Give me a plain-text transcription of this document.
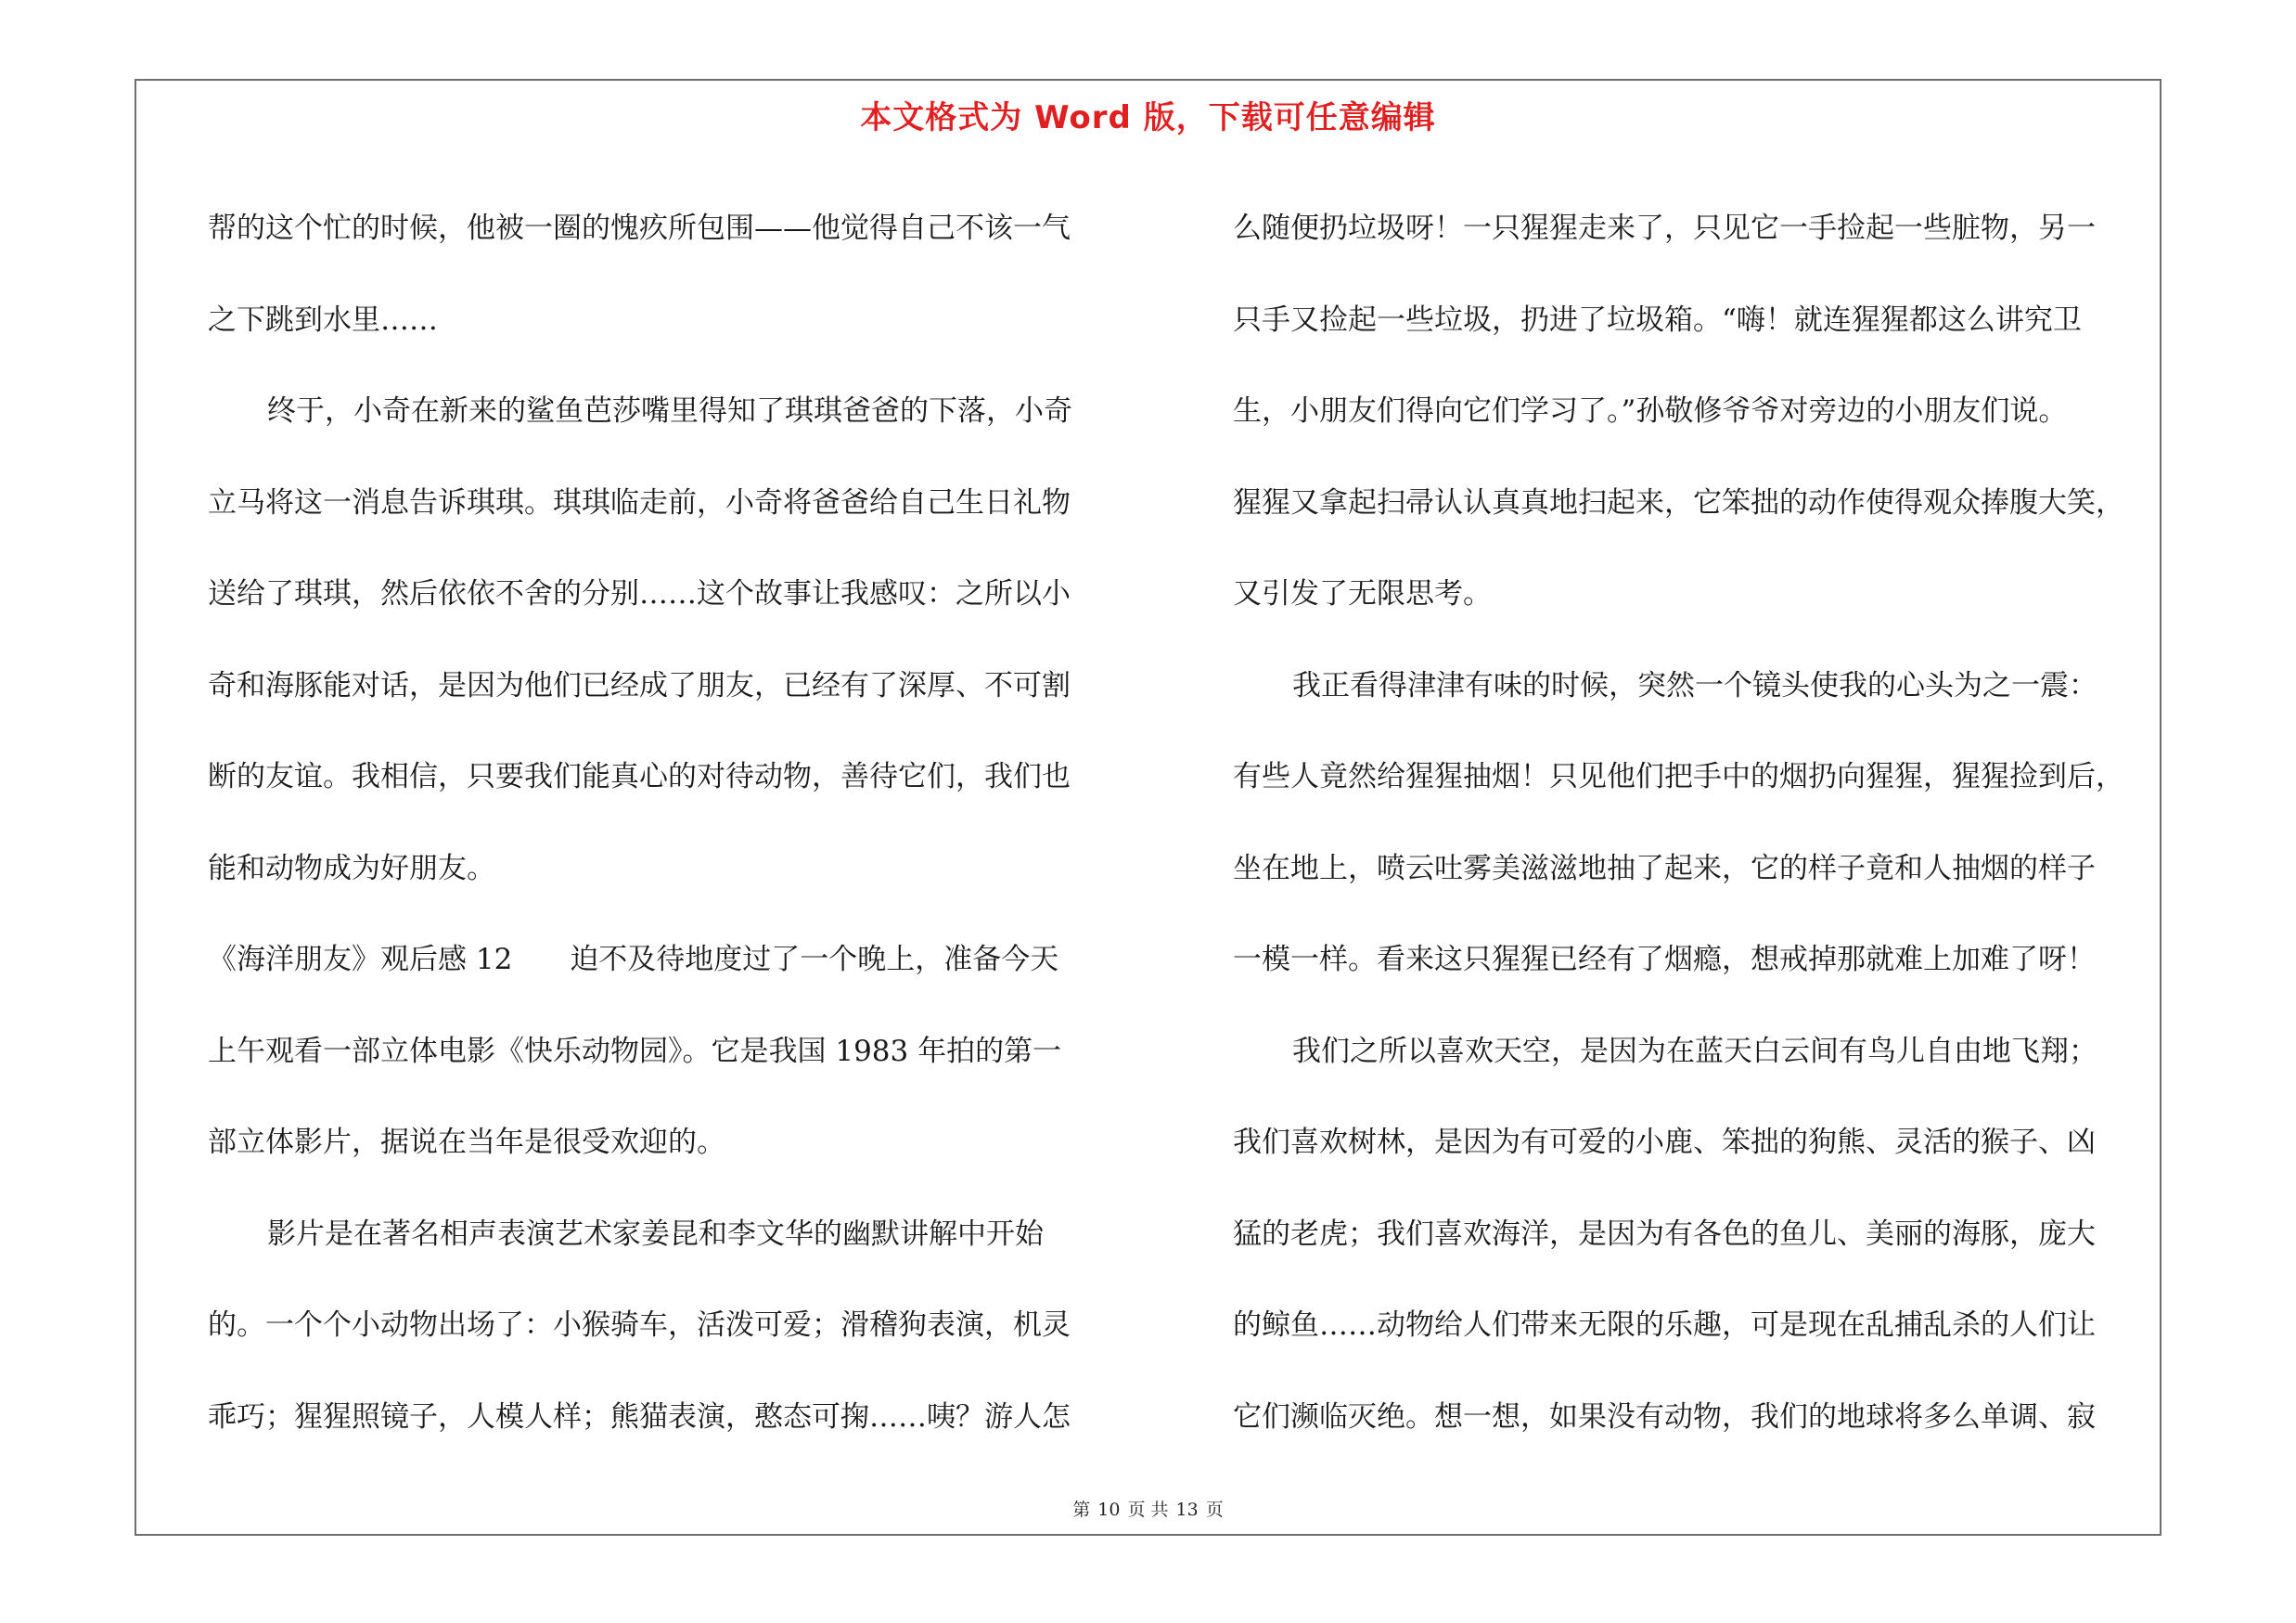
本文格式为 Word 版，下载可任意编辑

帮的这个忙的时候，他被一圈的愧疚所包围——他觉得自己不该一气

之下跳到水里……

终于，小奇在新来的鲨鱼芭莎嘴里得知了琪琪爸爸的下落，小奇

立马将这一消息告诉琪琪。琪琪临走前，小奇将爸爸给自己生日礼物

送给了琪琪，然后依依不舍的分别……这个故事让我感叹：之所以小

奇和海豚能对话，是因为他们已经成了朋友，已经有了深厚、不可割

断的友谊。我相信，只要我们能真心的对待动物，善待它们，我们也

能和动物成为好朋友。

《海洋朋友》观后感 12 迫不及待地度过了一个晚上，准备今天

上午观看一部立体电影《快乐动物园》。它是我国 1983 年拍的第一

部立体影片，据说在当年是很受欢迎的。

影片是在著名相声表演艺术家姜昆和李文华的幽默讲解中开始

的。一个个小动物出场了：小猴骑车，活泼可爱；滑稽狗表演，机灵

乖巧；猩猩照镜子，人模人样；熊猫表演，憨态可掬……咦？游人怎

么随便扔垃圾呀！一只猩猩走来了，只见它一手捡起一些脏物，另一

只手又捡起一些垃圾，扔进了垃圾箱。“嗨！就连猩猩都这么讲究卫

生，小朋友们得向它们学习了。”孙敬修爷爷对旁边的小朋友们说。

猩猩又拿起扫帚认认真真地扫起来，它笨拙的动作使得观众捧腹大笑，

又引发了无限思考。

我正看得津津有味的时候，突然一个镜头使我的心头为之一震：

有些人竟然给猩猩抽烟！只见他们把手中的烟扔向猩猩，猩猩捡到后，

坐在地上，喷云吐雾美滋滋地抽了起来，它的样子竟和人抽烟的样子

一模一样。看来这只猩猩已经有了烟瘾，想戒掉那就难上加难了呀！

我们之所以喜欢天空，是因为在蓝天白云间有鸟儿自由地飞翔；

我们喜欢树林，是因为有可爱的小鹿、笨拙的狗熊、灵活的猴子、凶

猛的老虎；我们喜欢海洋，是因为有各色的鱼儿、美丽的海豚，庞大

的鲸鱼……动物给人们带来无限的乐趣，可是现在乱捕乱杀的人们让

它们濒临灭绝。想一想，如果没有动物，我们的地球将多么单调、寂

第 10 页 共 13 页
